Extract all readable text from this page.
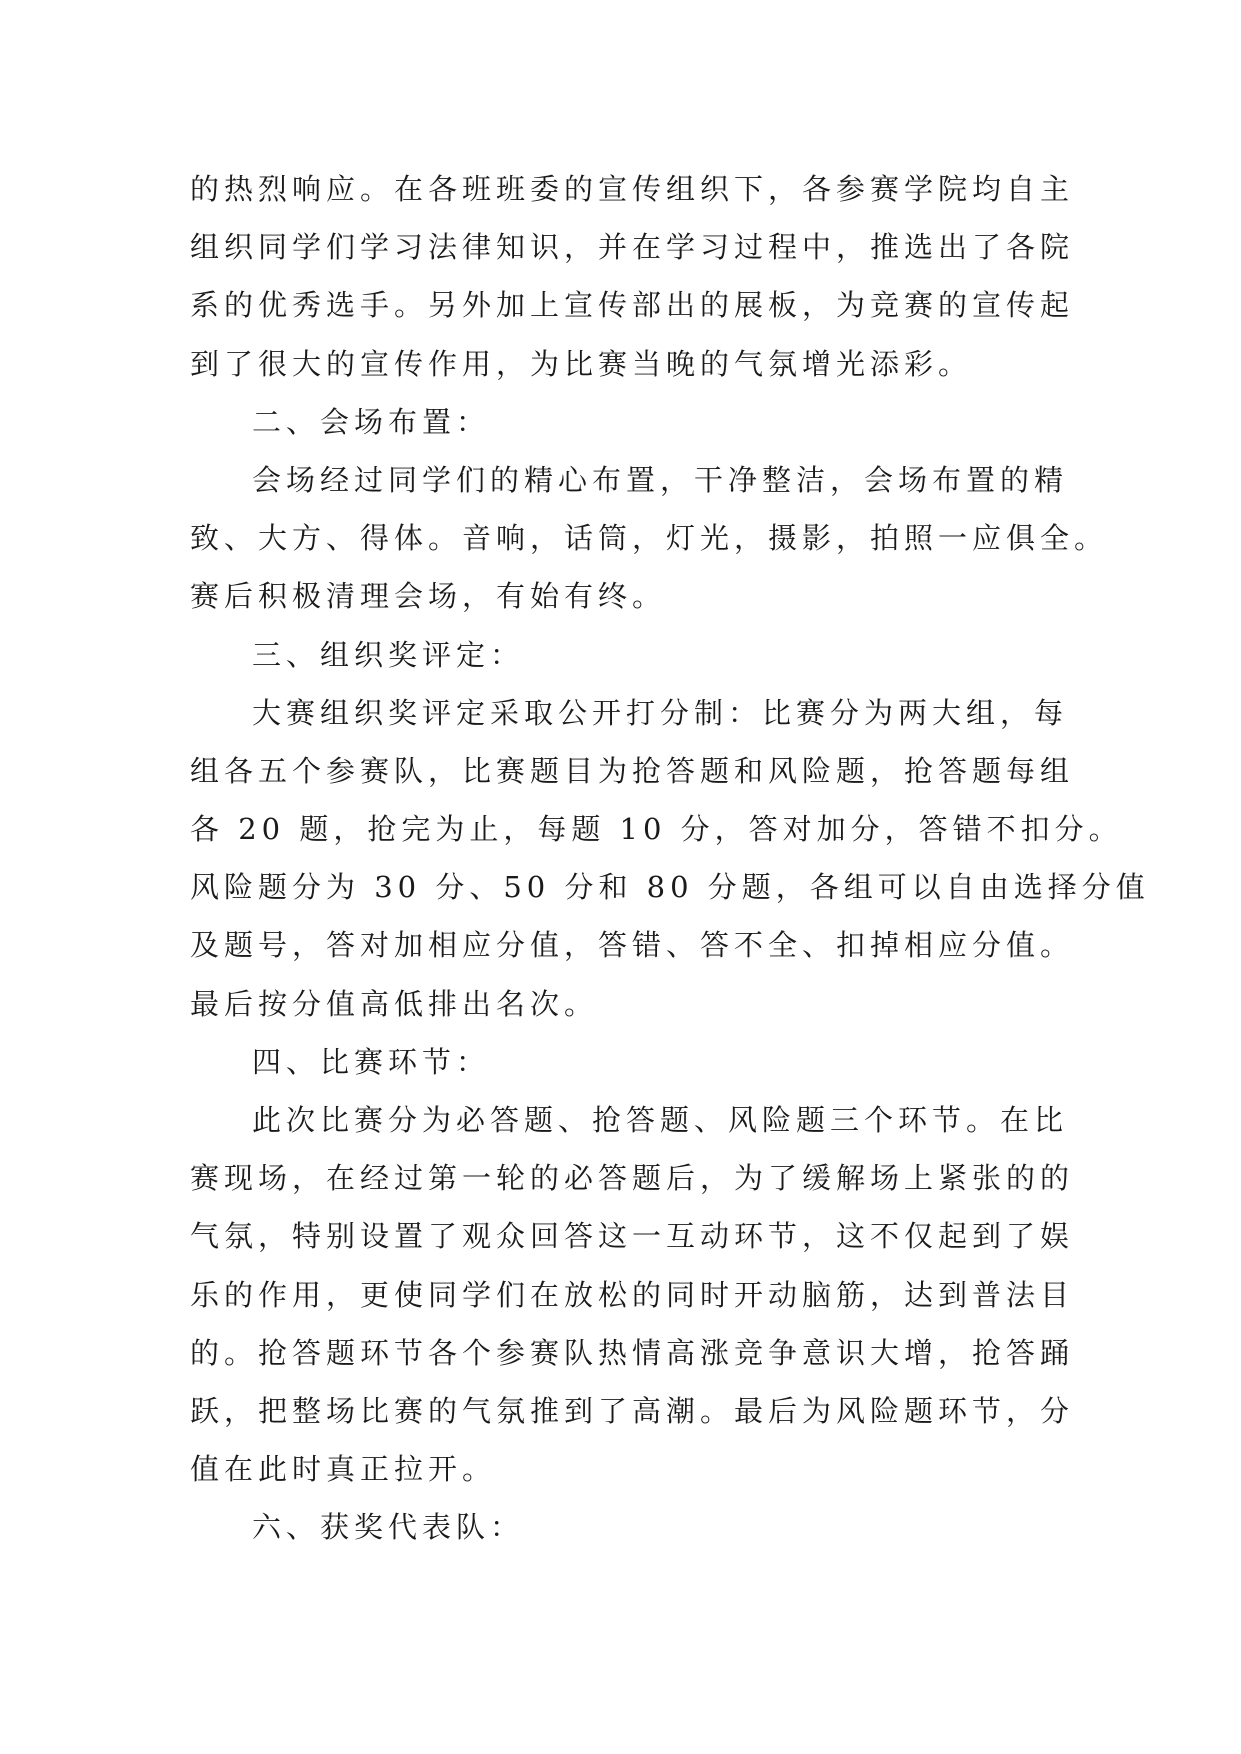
的热烈响应。在各班班委的宣传组织下，各参赛学院均自主
组织同学们学习法律知识，并在学习过程中，推选出了各院
系的优秀选手。另外加上宣传部出的展板，为竞赛的宣传起
到了很大的宣传作用，为比赛当晚的气氛增光添彩。
二、会场布置：
会场经过同学们的精心布置，干净整洁，会场布置的精
致、大方、得体。音响，话筒，灯光，摄影，拍照一应俱全。
赛后积极清理会场，有始有终。
三、组织奖评定：
大赛组织奖评定采取公开打分制：比赛分为两大组，每
组各五个参赛队，比赛题目为抢答题和风险题，抢答题每组
各 20 题，抢完为止，每题 10 分，答对加分，答错不扣分。
风险题分为 30 分、50 分和 80 分题，各组可以自由选择分值
及题号，答对加相应分值，答错、答不全、扣掉相应分值。
最后按分值高低排出名次。
四、比赛环节：
此次比赛分为必答题、抢答题、风险题三个环节。在比
赛现场，在经过第一轮的必答题后，为了缓解场上紧张的的
气氛，特别设置了观众回答这一互动环节，这不仅起到了娱
乐的作用，更使同学们在放松的同时开动脑筋，达到普法目
的。抢答题环节各个参赛队热情高涨竞争意识大增，抢答踊
跃，把整场比赛的气氛推到了高潮。最后为风险题环节，分
值在此时真正拉开。
六、获奖代表队：
